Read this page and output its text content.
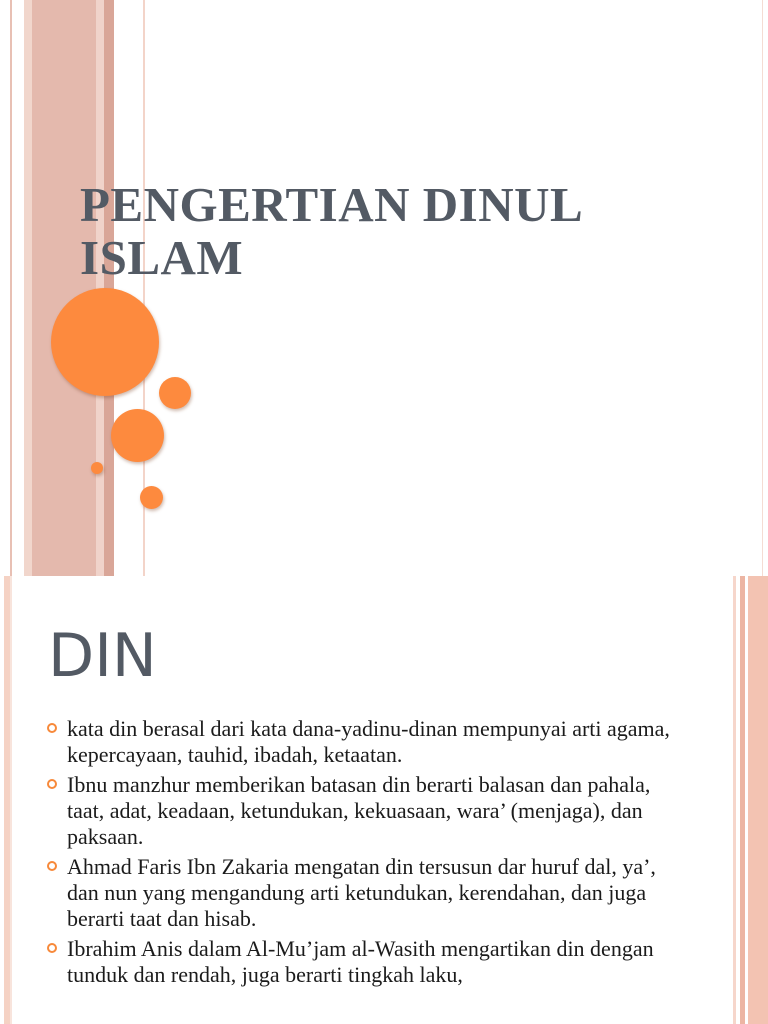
PENGERTIAN DINUL ISLAM
DIN
kata din berasal dari kata dana-yadinu-dinan mempunyai arti agama, kepercayaan, tauhid, ibadah, ketaatan.
Ibnu manzhur memberikan batasan din berarti balasan dan pahala, taat, adat, keadaan, ketundukan, kekuasaan, wara’ (menjaga), dan paksaan.
Ahmad Faris Ibn Zakaria mengatan din tersusun dar huruf dal, ya’, dan nun yang mengandung arti ketundukan, kerendahan, dan juga berarti taat dan hisab.
Ibrahim Anis dalam Al-Mu’jam al-Wasith mengartikan din dengan tunduk dan rendah, juga berarti tingkah laku,
